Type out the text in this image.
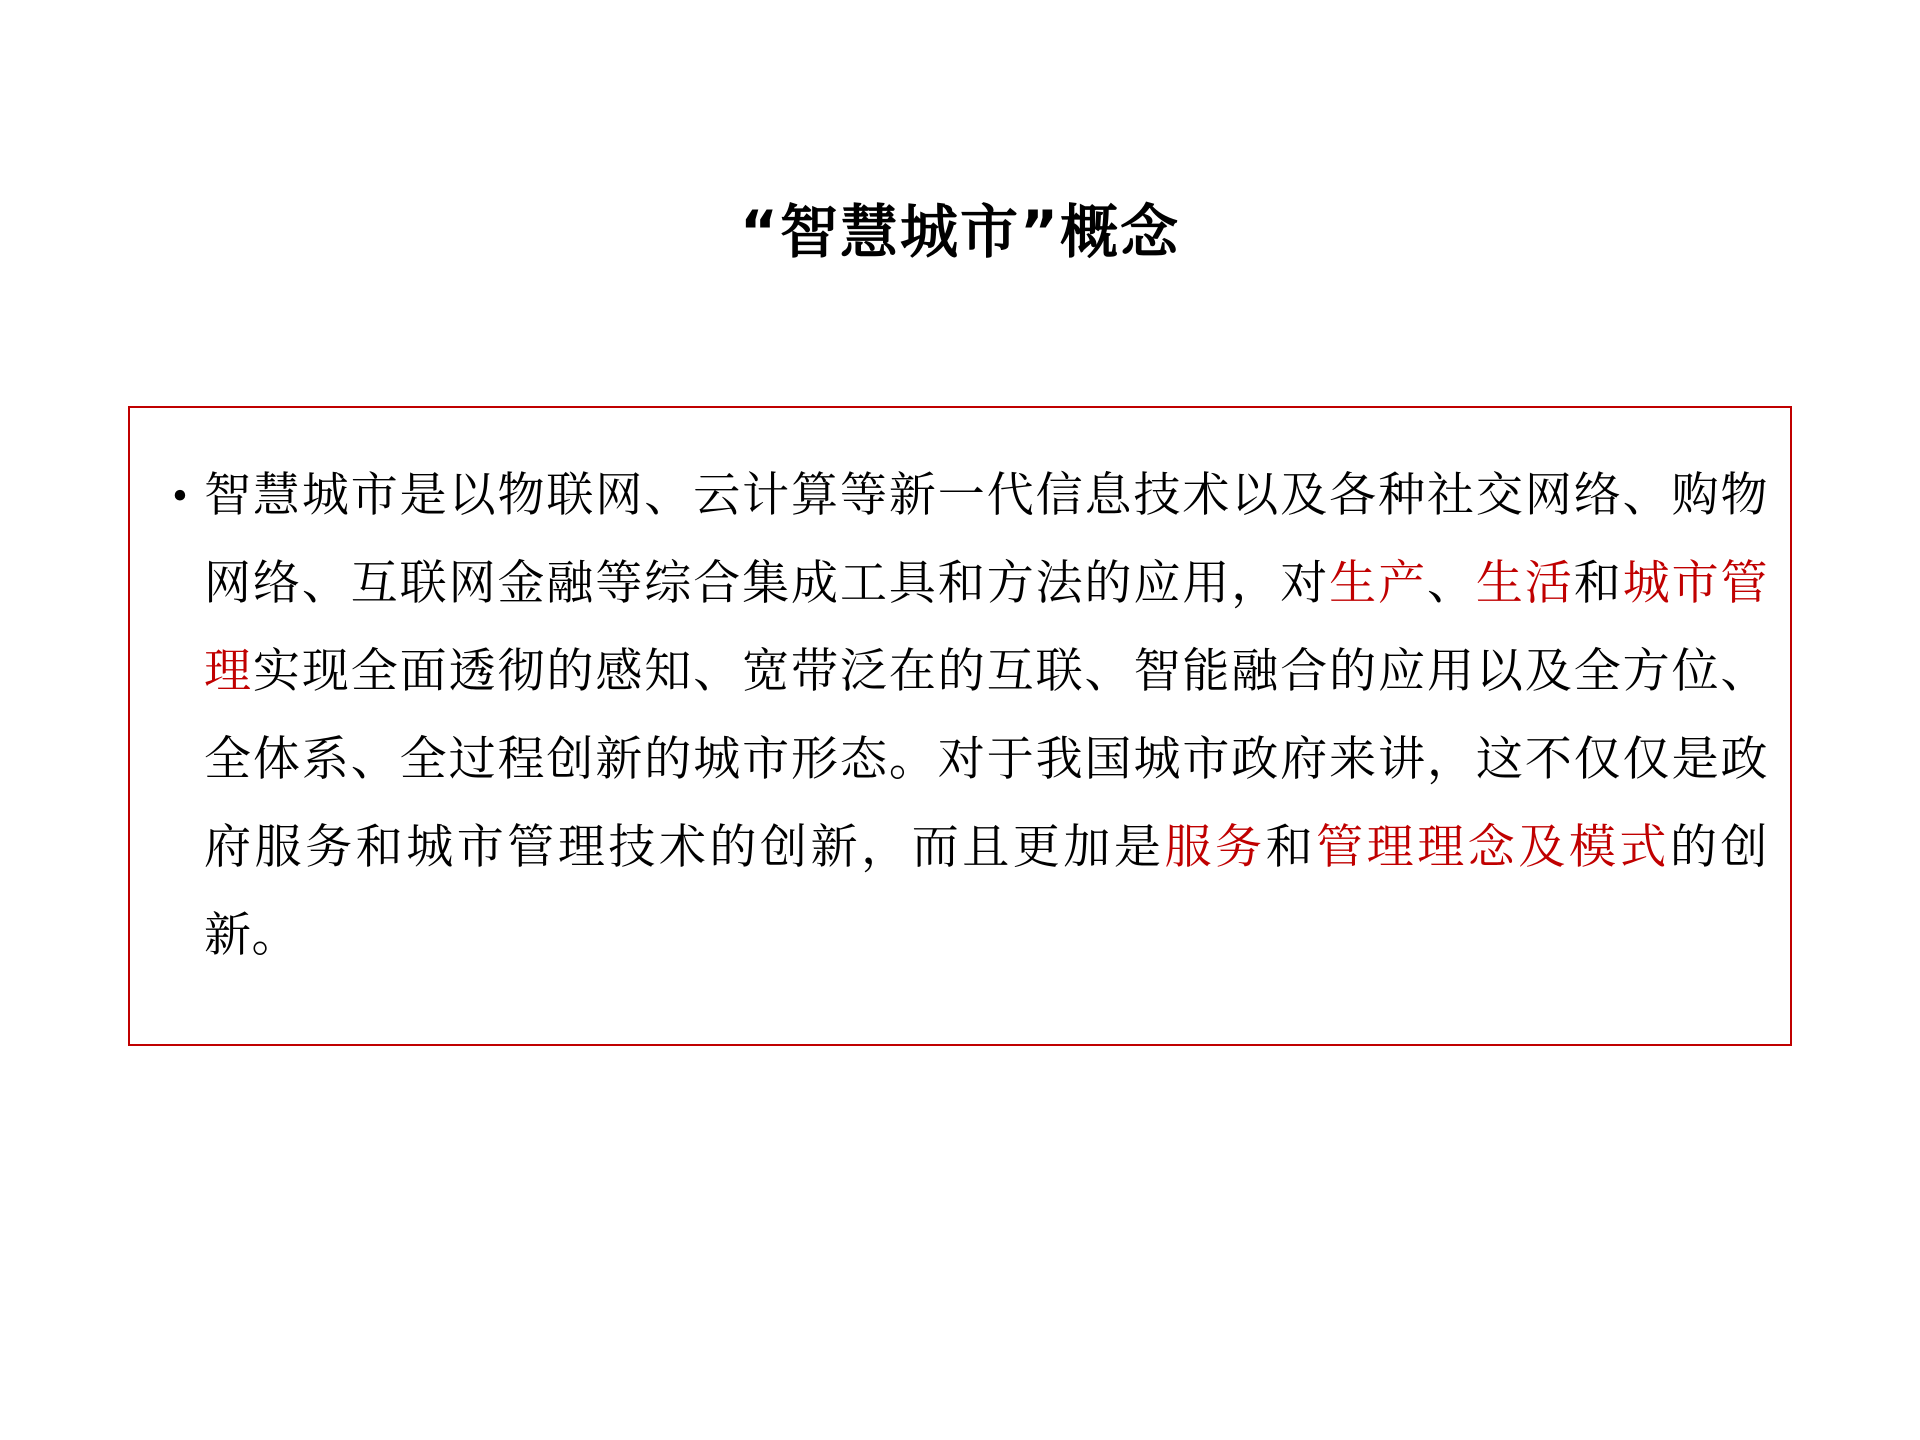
“智慧城市”概念
• 智慧城市是以物联网、云计算等新一代信息技术以及各种社交网络、购物网络、互联网金融等综合集成工具和方法的应用，对生产、生活和城市管理实现全面透彻的感知、宽带泛在的互联、智能融合的应用以及全方位、全体系、全过程创新的城市形态。对于我国城市政府来讲，这不仅仅是政府服务和城市管理技术的创新，而且更加是服务和管理理念及模式的创新。
